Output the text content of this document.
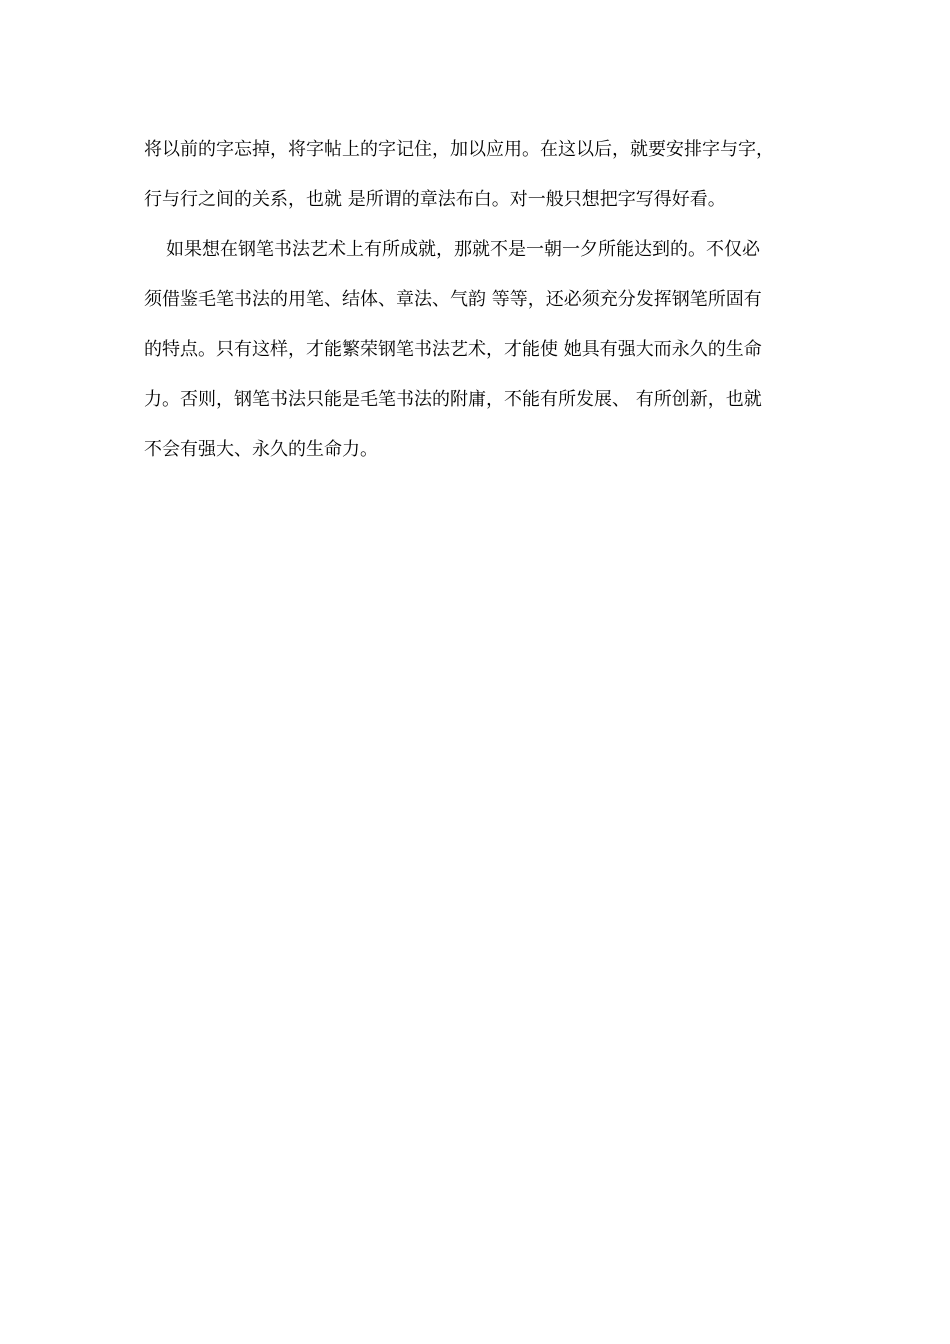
将以前的字忘掉，将字帖上的字记住，加以应用。在这以后，就要安排字与字，
行与行之间的关系，也就 是所谓的章法布白。对一般只想把字写得好看。
如果想在钢笔书法艺术上有所成就，那就不是一朝一夕所能达到的。不仅必
须借鉴毛笔书法的用笔、结体、章法、气韵 等等，还必须充分发挥钢笔所固有
的特点。只有这样，才能繁荣钢笔书法艺术，才能使 她具有强大而永久的生命
力。否则，钢笔书法只能是毛笔书法的附庸，不能有所发展、 有所创新，也就
不会有强大、永久的生命力。
